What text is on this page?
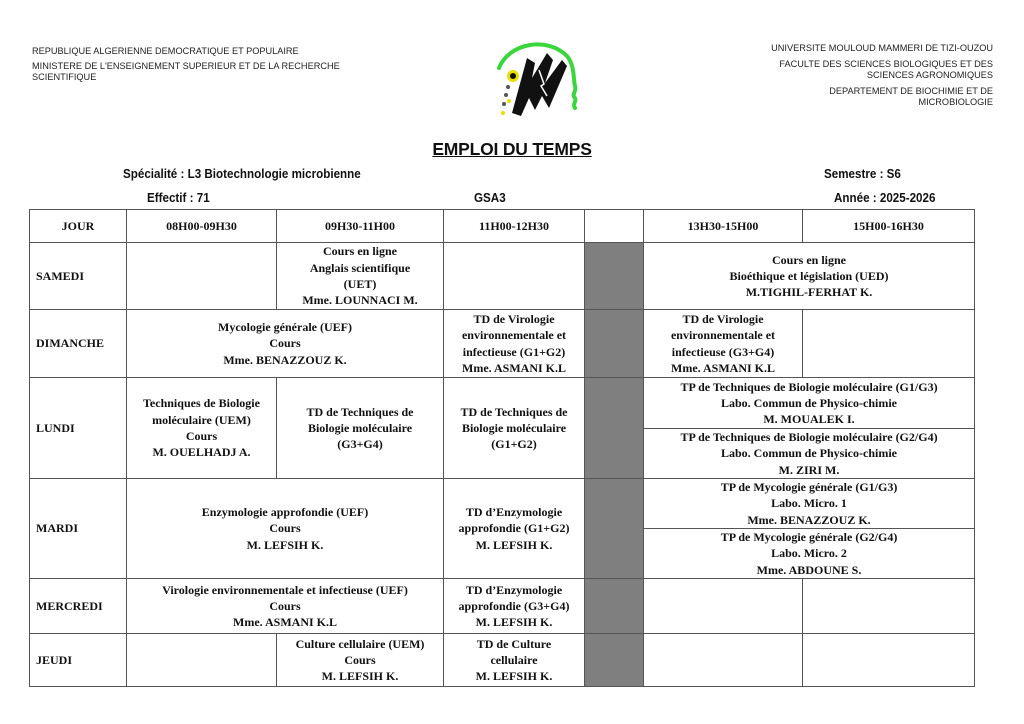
REPUBLIQUE ALGERIENNE DEMOCRATIQUE ET POPULAIRE
MINISTERE DE L'ENSEIGNEMENT SUPERIEUR ET DE LA RECHERCHE
SCIENTIFIQUE
UNIVERSITE MOULOUD MAMMERI DE TIZI-OUZOU
FACULTE DES SCIENCES BIOLOGIQUES ET DES
SCIENCES AGRONOMIQUES
DEPARTEMENT DE BIOCHIMIE ET DE
MICROBIOLOGIE
EMPLOI DU TEMPS
Spécialité : L3 Biotechnologie microbienne	Semestre : S6
Effectif : 71	GSA3	Année : 2025-2026
JOUR	08H00-09H30	09H30-11H00	11H00-12H30		13H30-15H00	15H00-16H30
SAMEDI		Cours en ligne
Anglais scientifique
(UET)
Mme. LOUNNACI M.			Cours en ligne
Bioéthique et législation (UED)
M.TIGHIL-FERHAT K.	

DIMANCHE	Mycologie générale (UEF)
Cours
Mme. BENAZZOUZ K.		TD de Virologie
environnementale et
infectieuse (G1+G2)
Mme. ASMANI K.L		TD de Virologie
environnementale et
infectieuse (G3+G4)
Mme. ASMANI K.L	

LUNDI	Techniques de Biologie
moléculaire (UEM)
Cours
M. OUELHADJ A.	TD de Techniques de
Biologie moléculaire
(G3+G4)	TD de Techniques de
Biologie moléculaire
(G1+G2)		TP de Techniques de Biologie moléculaire (G1/G3)
Labo. Commun de Physico-chimie
M. MOUALEK I.	

					TP de Techniques de Biologie moléculaire (G2/G4)
Labo. Commun de Physico-chimie
M. ZIRI M.	

MARDI	Enzymologie approfondie (UEF)
Cours
M. LEFSIH K.		TD d’Enzymologie
approfondie (G1+G2)
M. LEFSIH K.		TP de Mycologie générale (G1/G3)
Labo. Micro. 1
Mme. BENAZZOUZ K.	

					TP de Mycologie générale (G2/G4)
Labo. Micro. 2
Mme. ABDOUNE S.	

MERCREDI	Virologie environnementale et infectieuse (UEF)
Cours
Mme. ASMANI K.L		TD d’Enzymologie
approfondie (G3+G4)
M. LEFSIH K.			

JEUDI		Culture cellulaire (UEM)
Cours
M. LEFSIH K.	TD de Culture
cellulaire
M. LEFSIH K.			
